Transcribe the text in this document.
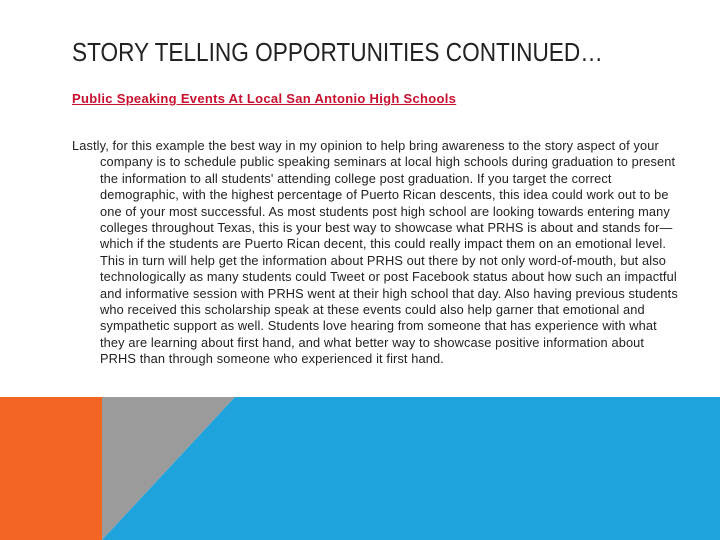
STORY TELLING OPPORTUNITIES CONTINUED…
Public Speaking Events At Local San Antonio High Schools

Lastly, for this example the best way in my opinion to help bring awareness to the story aspect of your company is to schedule public speaking seminars at local high schools during graduation to present the information to all students' attending college post graduation. If you target the correct demographic, with the highest percentage of Puerto Rican descents, this idea could work out to be one of your most successful. As most students post high school are looking towards entering many colleges throughout Texas, this is your best way to showcase what PRHS is about and stands for—which if the students are Puerto Rican decent, this could really impact them on an emotional level. This in turn will help get the information about PRHS out there by not only word-of-mouth, but also technologically as many students could Tweet or post Facebook status about how such an impactful and informative session with PRHS went at their high school that day. Also having previous students who received this scholarship speak at these events could also help garner that emotional and sympathetic support as well. Students love hearing from someone that has experience with what they are learning about first hand, and what better way to showcase positive information about PRHS than through someone who experienced it first hand.
